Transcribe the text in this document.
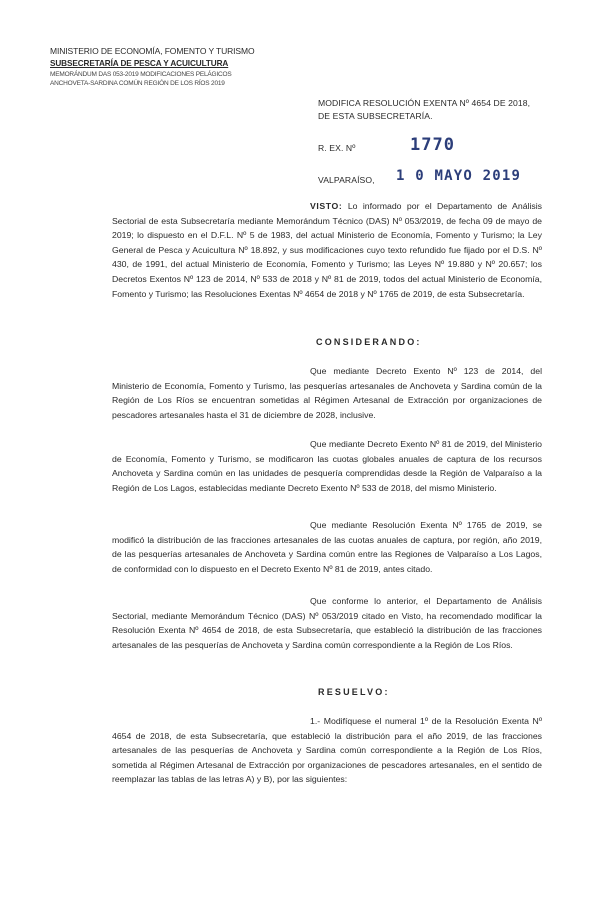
MINISTERIO DE ECONOMÍA, FOMENTO Y TURISMO
SUBSECRETARÍA DE PESCA Y ACUICULTURA
MEMORÁNDUM DAS 053-2019 MODIFICACIONES PELÁGICOS
ANCHOVETA-SARDINA COMÚN REGIÓN DE LOS RÍOS 2019
MODIFICA RESOLUCIÓN EXENTA Nº 4654 DE 2018,
DE ESTA SUBSECRETARÍA.
R. EX. Nº	1770
VALPARAÍSO, 1 0 MAYO 2019
VISTO: Lo informado por el Departamento de Análisis Sectorial de esta Subsecretaría mediante Memorándum Técnico (DAS) Nº 053/2019, de fecha 09 de mayo de 2019; lo dispuesto en el D.F.L. Nº 5 de 1983, del actual Ministerio de Economía, Fomento y Turismo; la Ley General de Pesca y Acuicultura Nº 18.892, y sus modificaciones cuyo texto refundido fue fijado por el D.S. Nº 430, de 1991, del actual Ministerio de Economía, Fomento y Turismo; las Leyes Nº 19.880 y Nº 20.657; los Decretos Exentos Nº 123 de 2014, Nº 533 de 2018 y Nº 81 de 2019, todos del actual Ministerio de Economía, Fomento y Turismo; las Resoluciones Exentas Nº 4654 de 2018 y Nº 1765 de 2019, de esta Subsecretaría.
CONSIDERANDO:
Que mediante Decreto Exento Nº 123 de 2014, del Ministerio de Economía, Fomento y Turismo, las pesquerías artesanales de Anchoveta y Sardina común de la Región de Los Ríos se encuentran sometidas al Régimen Artesanal de Extracción por organizaciones de pescadores artesanales hasta el 31 de diciembre de 2028, inclusive.
Que mediante Decreto Exento Nº 81 de 2019, del Ministerio de Economía, Fomento y Turismo, se modificaron las cuotas globales anuales de captura de los recursos Anchoveta y Sardina común en las unidades de pesquería comprendidas desde la Región de Valparaíso a la Región de Los Lagos, establecidas mediante Decreto Exento Nº 533 de 2018, del mismo Ministerio.
Que mediante Resolución Exenta Nº 1765 de 2019, se modificó la distribución de las fracciones artesanales de las cuotas anuales de captura, por región, año 2019, de las pesquerías artesanales de Anchoveta y Sardina común entre las Regiones de Valparaíso a Los Lagos, de conformidad con lo dispuesto en el Decreto Exento Nº 81 de 2019, antes citado.
Que conforme lo anterior, el Departamento de Análisis Sectorial, mediante Memorándum Técnico (DAS) Nº 053/2019 citado en Visto, ha recomendado modificar la Resolución Exenta Nº 4654 de 2018, de esta Subsecretaría, que estableció la distribución de las fracciones artesanales de las pesquerías de Anchoveta y Sardina común correspondiente a la Región de Los Ríos.
RESUELVO:
1.- Modifíquese el numeral 1º de la Resolución Exenta Nº 4654 de 2018, de esta Subsecretaría, que estableció la distribución para el año 2019, de las fracciones artesanales de las pesquerías de Anchoveta y Sardina común correspondiente a la Región de Los Ríos, sometida al Régimen Artesanal de Extracción por organizaciones de pescadores artesanales, en el sentido de reemplazar las tablas de las letras A) y B), por las siguientes:
